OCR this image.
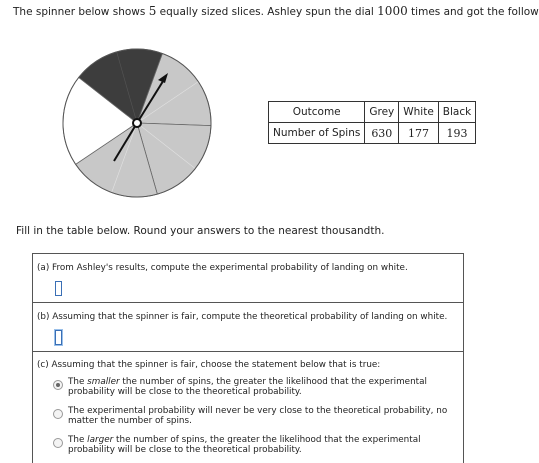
The spinner below shows 5 equally sized slices. Ashley spun the dial 1000 times and got the follow
Outcome	Grey	White	Black
Number of Spins	630	177	193
Fill in the table below. Round your answers to the nearest thousandth.
(a) From Ashley's results, compute the experimental probability of landing on white.
(b) Assuming that the spinner is fair, compute the theoretical probability of landing on white.
(c) Assuming that the spinner is fair, choose the statement below that is true:
The smaller the number of spins, the greater the likelihood that the experimental
probability will be close to the theoretical probability.
The experimental probability will never be very close to the theoretical probability, no
matter the number of spins.
The larger the number of spins, the greater the likelihood that the experimental
probability will be close to the theoretical probability.
